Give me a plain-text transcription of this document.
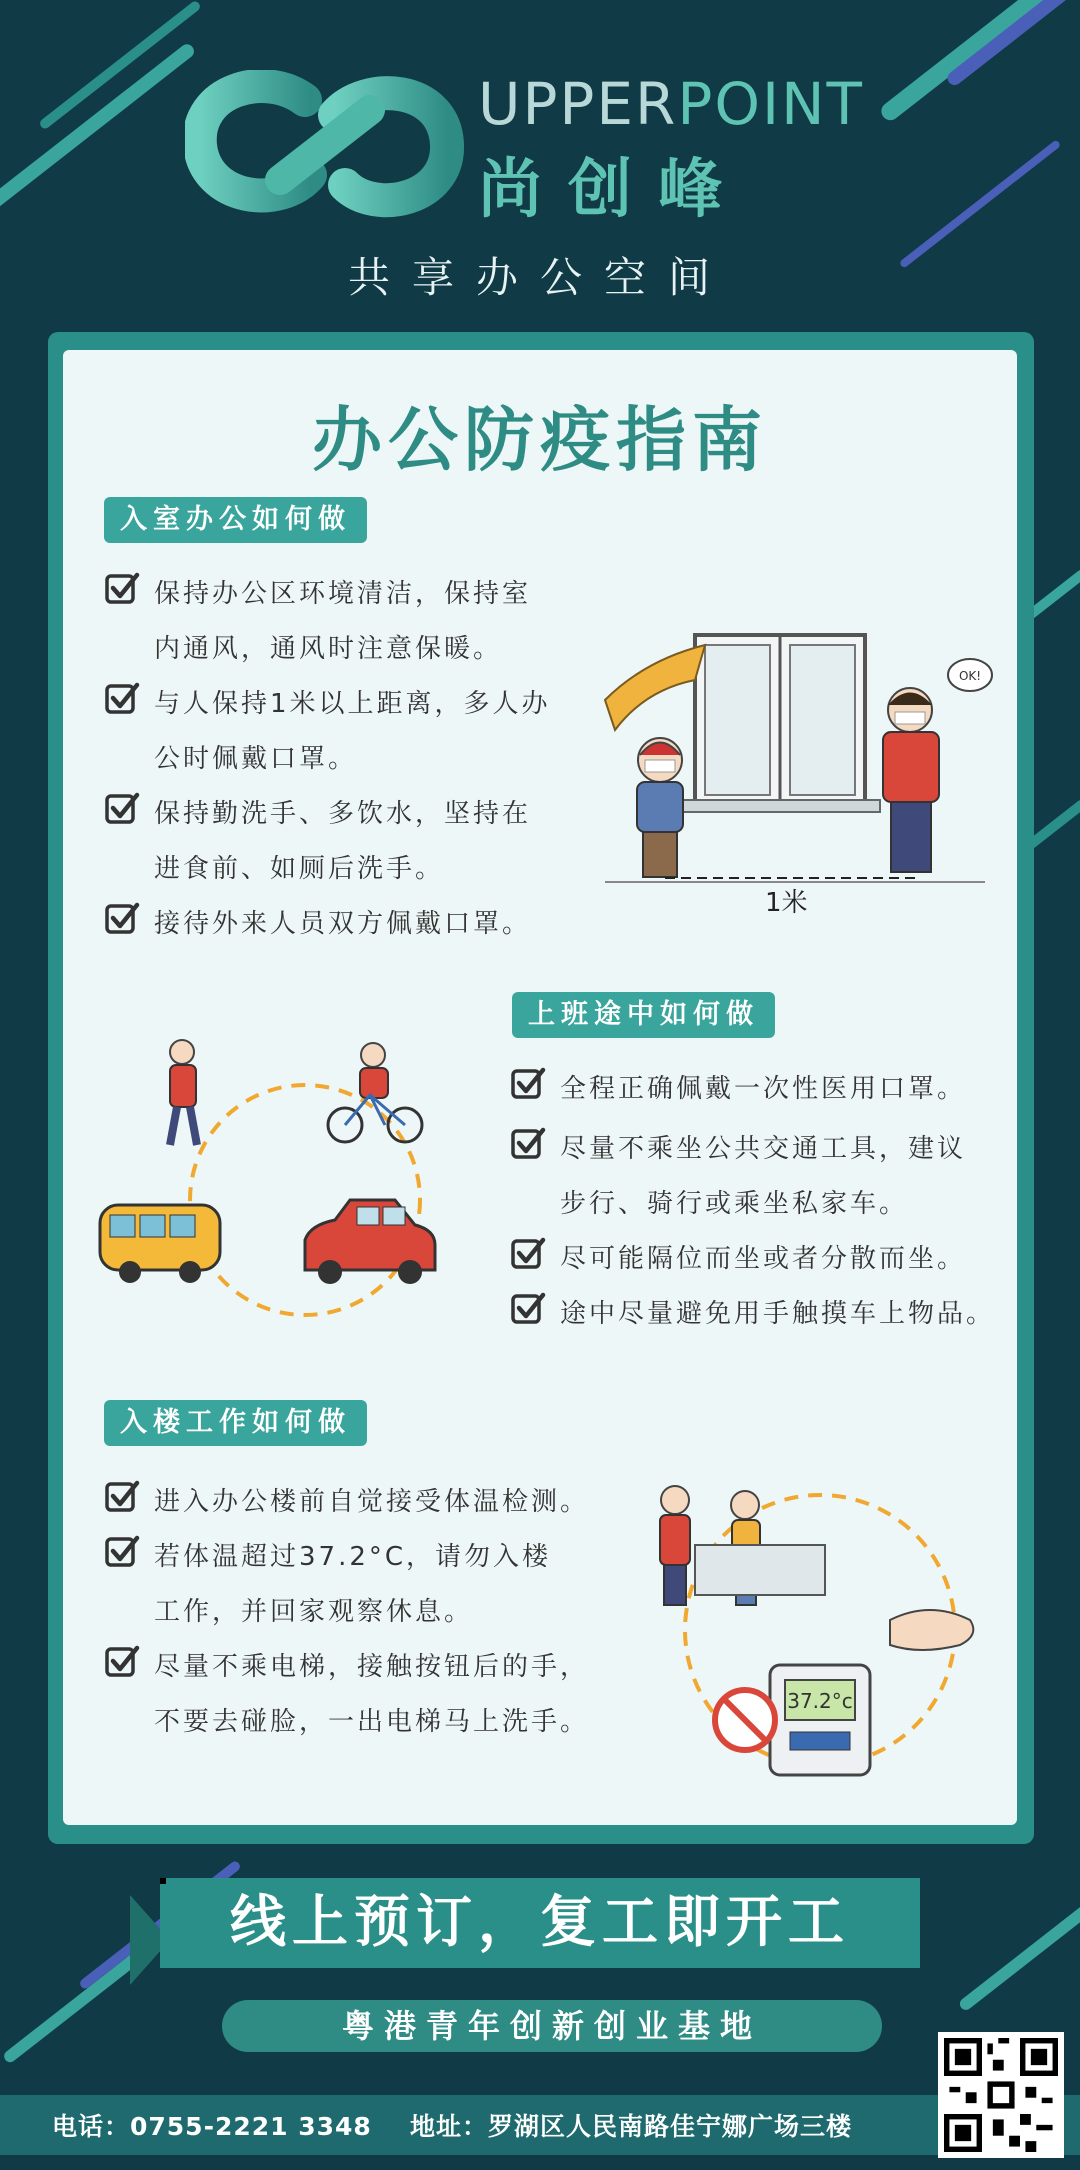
UPPERPOINT
尚创峰
共享办公空间
办公防疫指南
入室办公如何做
保持办公区环境清洁，保持室
内通风，通风时注意保暖。
与人保持1米以上距离，多人办
公时佩戴口罩。
保持勤洗手、多饮水，坚持在
进食前、如厕后洗手。
接待外来人员双方佩戴口罩。
OK!
1米
上班途中如何做
全程正确佩戴一次性医用口罩。
尽量不乘坐公共交通工具，建议
步行、骑行或乘坐私家车。
尽可能隔位而坐或者分散而坐。
途中尽量避免用手触摸车上物品。
入楼工作如何做
进入办公楼前自觉接受体温检测。
若体温超过37.2°C，请勿入楼
工作，并回家观察休息。
尽量不乘电梯，接触按钮后的手，
不要去碰脸，一出电梯马上洗手。
37.2°c
线上预订，复工即开工
粤港青年创新创业基地
电话：0755-2221 3348 地址：罗湖区人民南路佳宁娜广场三楼
